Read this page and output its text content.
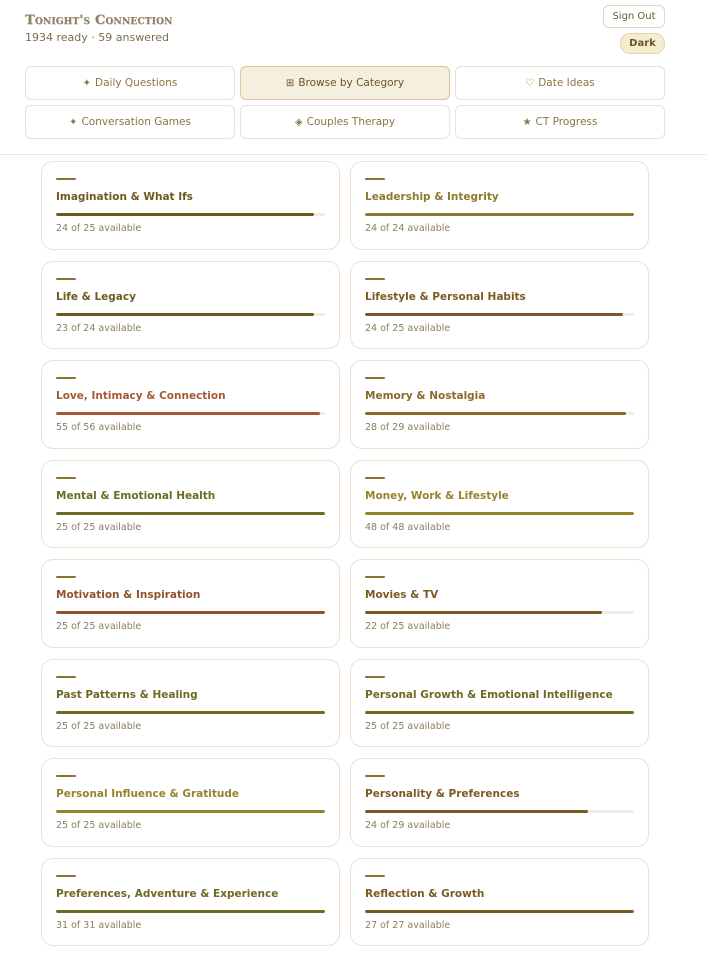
Tonight's Connection
1934 ready · 59 answered
Sign Out
Dark
✦ Daily Questions	⊞ Browse by Category	♡ Date Ideas
✦ Conversation Games	◈ Couples Therapy	★ CT Progress
Imagination & What Ifs
24 of 25 available
Leadership & Integrity
24 of 24 available
Life & Legacy
23 of 24 available
Lifestyle & Personal Habits
24 of 25 available
Love, Intimacy & Connection
55 of 56 available
Memory & Nostalgia
28 of 29 available
Mental & Emotional Health
25 of 25 available
Money, Work & Lifestyle
48 of 48 available
Motivation & Inspiration
25 of 25 available
Movies & TV
22 of 25 available
Past Patterns & Healing
25 of 25 available
Personal Growth & Emotional Intelligence
25 of 25 available
Personal Influence & Gratitude
25 of 25 available
Personality & Preferences
24 of 29 available
Preferences, Adventure & Experience
31 of 31 available
Reflection & Growth
27 of 27 available
